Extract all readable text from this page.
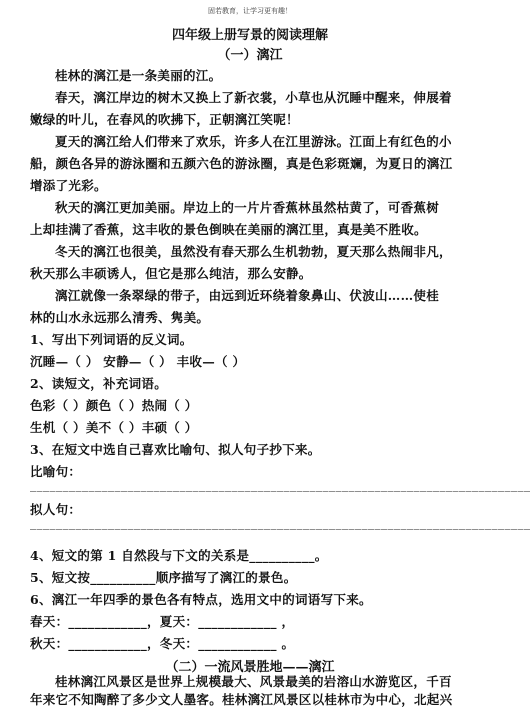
固若教育，让学习更有趣！
四年级上册写景的阅读理解
（一）漓江
桂林的漓江是一条美丽的江。
春天，漓江岸边的树木又换上了新衣裳，小草也从沉睡中醒来，伸展着
嫩绿的叶儿，在春风的吹拂下，正朝漓江笑呢！
夏天的漓江给人们带来了欢乐，许多人在江里游泳。江面上有红色的小
船，颜色各异的游泳圈和五颜六色的游泳圈，真是色彩斑斓，为夏日的漓江
增添了光彩。
秋天的漓江更加美丽。岸边上的一片片香蕉林虽然枯黄了，可香蕉树
上却挂满了香蕉，这丰收的景色倒映在美丽的漓江里，真是美不胜收。
冬天的漓江也很美，虽然没有春天那么生机勃勃，夏天那么热闹非凡，
秋天那么丰硕诱人，但它是那么纯洁，那么安静。
漓江就像一条翠绿的带子，由远到近环绕着象鼻山、伏波山……使桂
林的山水永远那么清秀、隽美。
1、写出下列词语的反义词。
沉睡—（ ） 安静—（ ） 丰收—（ ）
2、读短文，补充词语。
色彩（ ）颜色（ ）热闹（ ）
生机（ ）美不（ ）丰硕（ ）
3、在短文中选自己喜欢比喻句、拟人句子抄下来。
比喻句：
_____________________________________________________________________________
拟人句：
_____________________________________________________________________________
4、短文的第 1 自然段与下文的关系是__________。
5、短文按__________顺序描写了漓江的景色。
6、漓江一年四季的景色各有特点，选用文中的词语写下来。
春天：____________，夏天：____________ ，
秋天：____________，冬天：____________ 。
（二）一流风景胜地——漓江
桂林漓江风景区是世界上规模最大、风景最美的岩溶山水游览区，千百
年来它不知陶醉了多少文人墨客。桂林漓江风景区以桂林市为中心，北起兴
